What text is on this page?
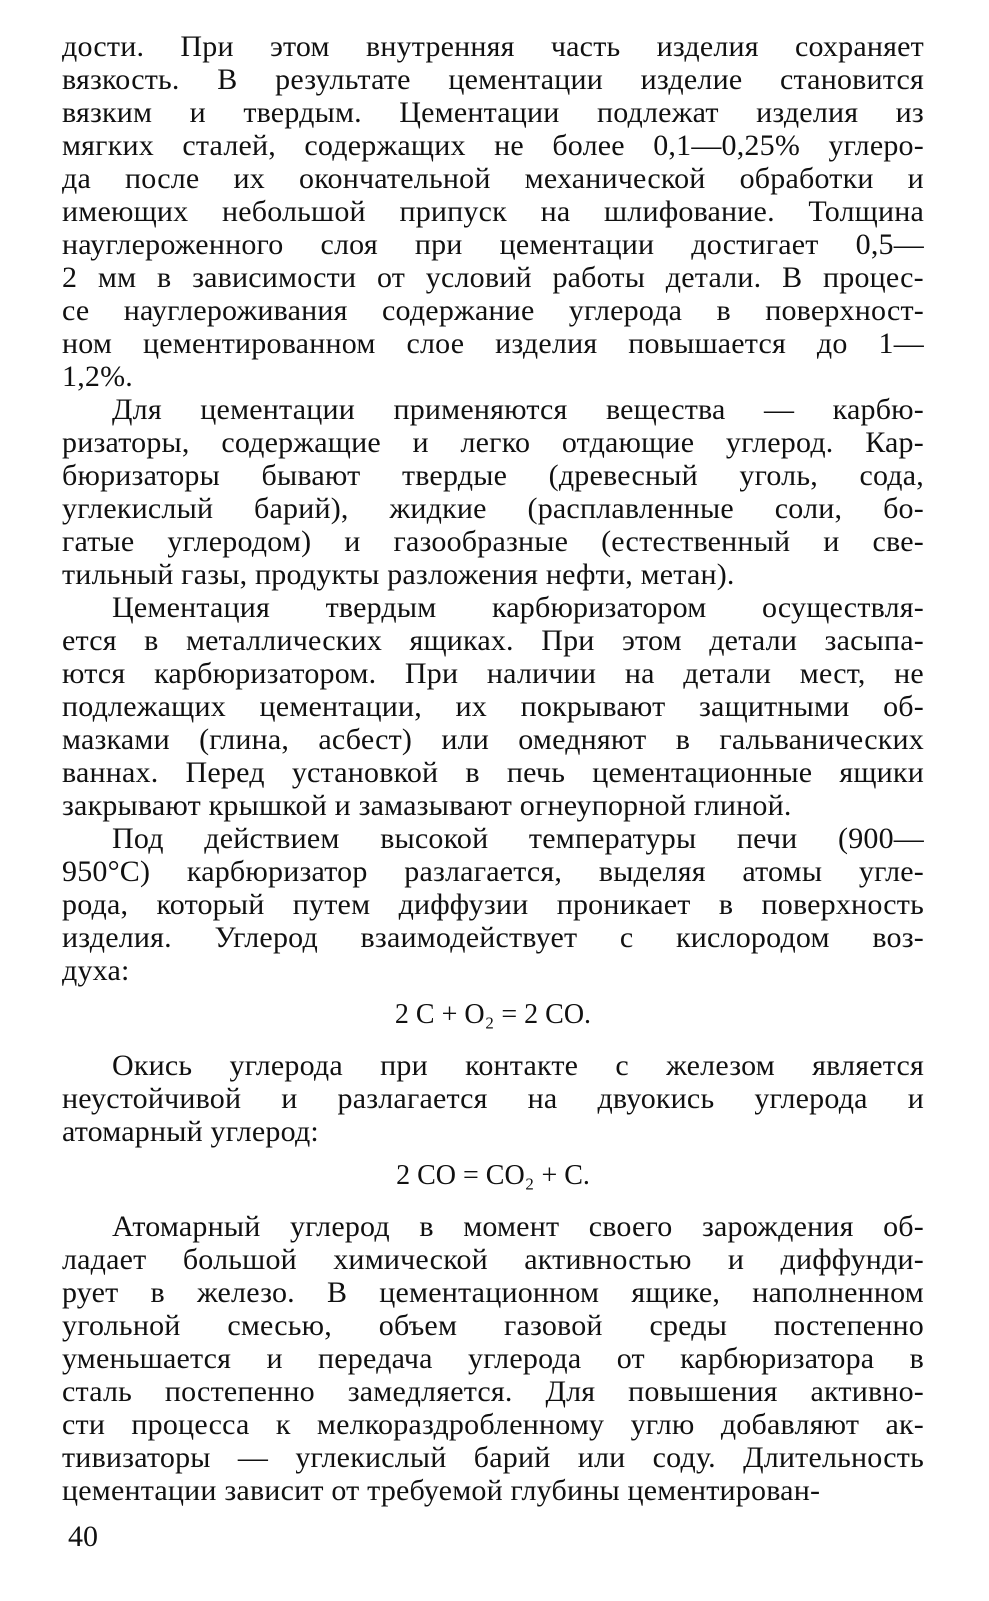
дости. При этом внутренняя часть изделия сохраняет
вязкость. В результате цементации изделие становится
вязким и твердым. Цементации подлежат изделия из
мягких сталей, содержащих не более 0,1—0,25% углеро-
да после их окончательной механической обработки и
имеющих небольшой припуск на шлифование. Толщина
науглероженного слоя при цементации достигает 0,5—
2 мм в зависимости от условий работы детали. В процес-
се науглероживания содержание углерода в поверхност-
ном цементированном слое изделия повышается до 1—
1,2%.
Для цементации применяются вещества — карбю-
ризаторы, содержащие и легко отдающие углерод. Кар-
бюризаторы бывают твердые (древесный уголь, сода,
углекислый барий), жидкие (расплавленные соли, бо-
гатые углеродом) и газообразные (естественный и све-
тильный газы, продукты разложения нефти, метан).
Цементация твердым карбюризатором осуществля-
ется в металлических ящиках. При этом детали засыпа-
ются карбюризатором. При наличии на детали мест, не
подлежащих цементации, их покрывают защитными об-
мазками (глина, асбест) или омедняют в гальванических
ваннах. Перед установкой в печь цементационные ящики
закрывают крышкой и замазывают огнеупорной глиной.
Под действием высокой температуры печи (900—
950°C) карбюризатор разлагается, выделяя атомы угле-
рода, который путем диффузии проникает в поверхность
изделия. Углерод взаимодействует с кислородом воз-
духа:
2 C + O₂ = 2 CO.
Окись углерода при контакте с железом является
неустойчивой и разлагается на двуокись углерода и
атомарный углерод:
2 CO = CO₂ + C.
Атомарный углерод в момент своего зарождения об-
ладает большой химической активностью и диффунди-
рует в железо. В цементационном ящике, наполненном
угольной смесью, объем газовой среды постепенно
уменьшается и передача углерода от карбюризатора в
сталь постепенно замедляется. Для повышения активно-
сти процесса к мелкораздробленному углю добавляют ак-
тивизаторы — углекислый барий или соду. Длительность
цементации зависит от требуемой глубины цементирован-
40
